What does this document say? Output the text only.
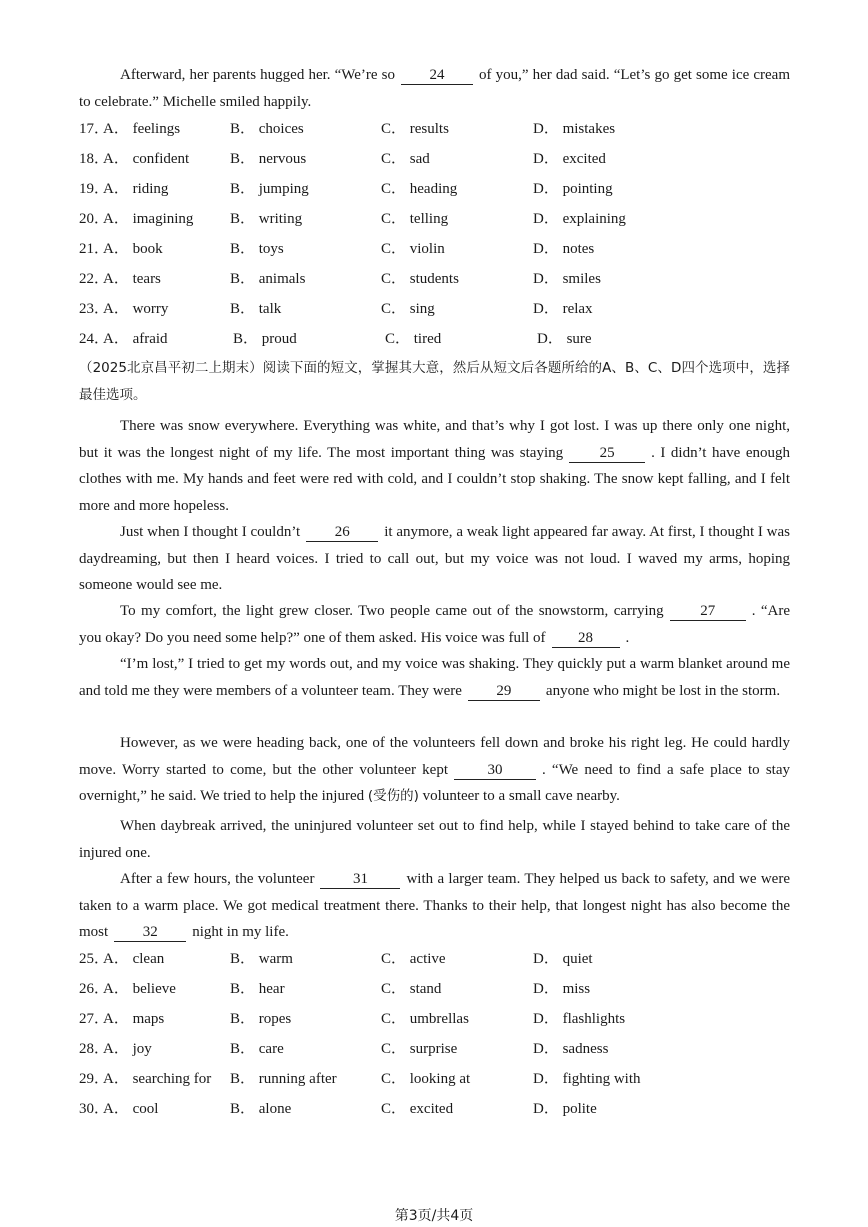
Afterward, her parents hugged her. “We’re so 24 of you,” her dad said. “Let’s go get some ice cream to celebrate.” Michelle smiled happily.

17．
A． feelings	B． choices	C． results	D． mistakes
18．
A． confident	B． nervous	C． sad	D． excited
19．
A． riding	B． jumping	C． heading	D． pointing
20．
A． imagining B． writing	C． telling	D． explaining
21．
A． book	B． toys	C． violin	D． notes
22．
A． tears	B． animals	C． students	D． smiles
23．
A． worry	B． talk	C． sing	D． relax
24．
A． afraid	B． proud	C． tired	D． sure

（2025北京昌平初二上期末）阅读下面的短文，掌握其大意，然后从短文后各题所给的A、B、C、D四个选项中，选择最佳选项。

There was snow everywhere. Everything was white, and that’s why I got lost. I was up there only one night, but it was the longest night of my life. The most important thing was staying 25 . I didn’t have enough clothes with me. My hands and feet were red with cold, and I couldn’t stop shaking. The snow kept falling, and I felt more and more hopeless.

Just when I thought I couldn’t 26 it anymore, a weak light appeared far away. At first, I thought I was daydreaming, but then I heard voices. I tried to call out, but my voice was not loud. I waved my arms, hoping someone would see me.

To my comfort, the light grew closer. Two people came out of the snowstorm, carrying 27 . “Are you okay? Do you need some help?” one of them asked. His voice was full of 28 .

“I’m lost,” I tried to get my words out, and my voice was shaking. They quickly put a warm blanket around me and told me they were members of a volunteer team. They were 29 anyone who might be lost in the storm.

However, as we were heading back, one of the volunteers fell down and broke his right leg. He could hardly move. Worry started to come, but the other volunteer kept	30	. “We need to find a safe place to stay overnight,” he said. We tried to help the injured (受伤的) volunteer to a small cave nearby.

When daybreak arrived, the uninjured volunteer set out to find help, while I stayed behind to take care of the injured one.

After a few hours, the volunteer	31	with a larger team. They helped us back to safety, and we were taken to a warm place. We got medical treatment there. Thanks to their help, that longest night has also become the most 32 night in my life.

25．
A． clean	B． warm	C． active	D． quiet
26．
A． believe	B． hear	C． stand	D． miss
27．
A． maps	B． ropes	C． umbrellas	D． flashlights
28．
A． joy	B． care	C． surprise	D． sadness
29．
A． searching for B． running after	C． looking at	D． fighting with
30．
A． cool	B． alone	C． excited	D． polite
第3页/共4页
